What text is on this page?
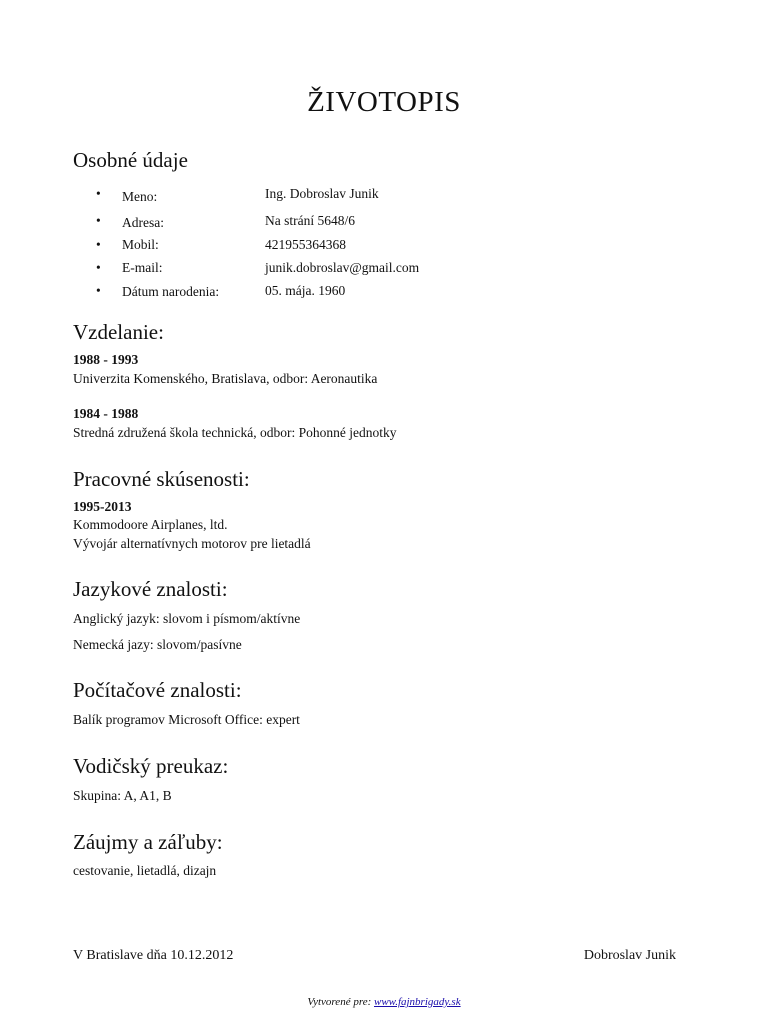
ŽIVOTOPIS
Osobné údaje
• Meno:	Ing. Dobroslav Junik
• Adresa:	Na strání 5648/6
• Mobil:	421955364368
• E-mail:	junik.dobroslav@gmail.com
• Dátum narodenia:	05. mája. 1960
Vzdelanie:
1988 - 1993
Univerzita Komenského, Bratislava, odbor: Aeronautika
1984 - 1988
Stredná združená škola technická, odbor: Pohonné jednotky
Pracovné skúsenosti:
1995-2013
Kommodoore Airplanes, ltd.
Vývojár alternatívnych motorov pre lietadlá
Jazykové znalosti:
Anglický jazyk: slovom i písmom/aktívne
Nemecká jazy: slovom/pasívne
Počítačové znalosti:
Balík programov Microsoft Office: expert
Vodičský preukaz:
Skupina: A, A1, B
Záujmy a záľuby:
cestovanie, lietadlá, dizajn
V Bratislave dňa 10.12.2012	Dobroslav Junik
Vytvorené pre: www.fajnbrigady.sk
